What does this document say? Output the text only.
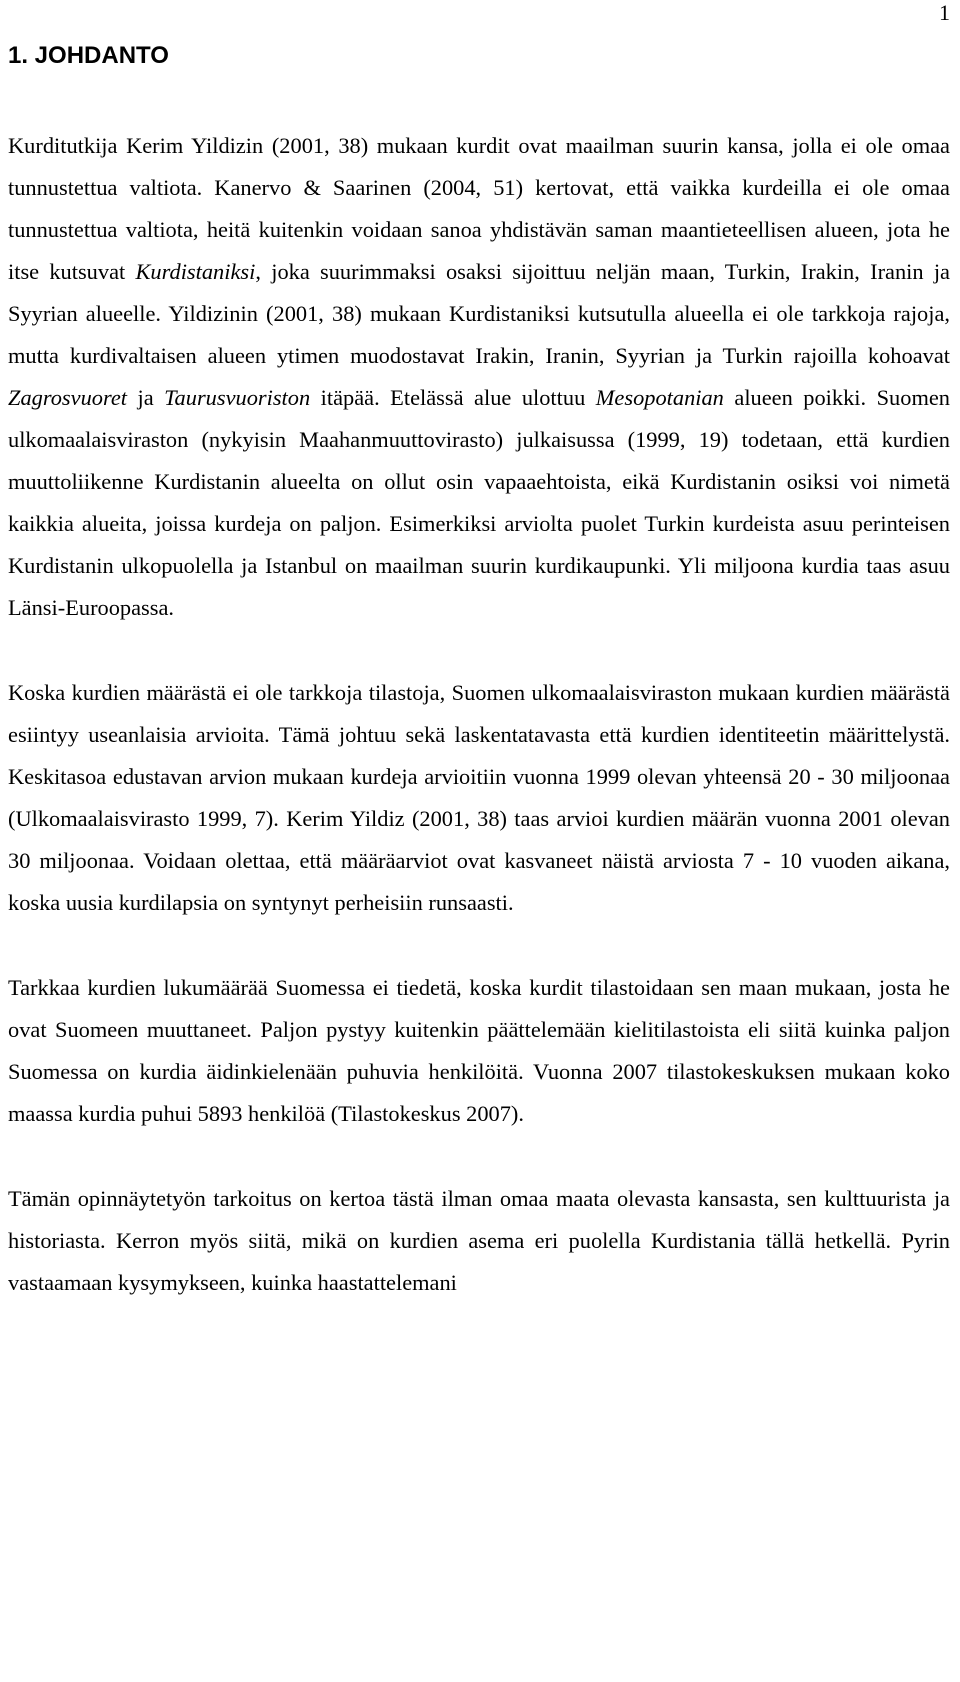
1
1. JOHDANTO

Kurditutkija Kerim Yildizin (2001, 38) mukaan kurdit ovat maailman suurin kansa, jolla ei ole omaa tunnustettua valtiota. Kanervo & Saarinen (2004, 51) kertovat, että vaikka kurdeilla ei ole omaa tunnustettua valtiota, heitä kuitenkin voidaan sanoa yhdistävän saman maantieteellisen alueen, jota he itse kutsuvat Kurdistaniksi, joka suurimmaksi osaksi sijoittuu neljän maan, Turkin, Irakin, Iranin ja Syyrian alueelle. Yildizinin (2001, 38) mukaan Kurdistaniksi kutsutulla alueella ei ole tarkkoja rajoja, mutta kurdivaltaisen alueen ytimen muodostavat Irakin, Iranin, Syyrian ja Turkin rajoilla kohoavat Zagrosvuoret ja Taurusvuoriston itäpää. Etelässä alue ulottuu Mesopotanian alueen poikki. Suomen ulkomaalaisviraston (nykyisin Maahanmuuttovirasto) julkaisussa (1999, 19) todetaan, että kurdien muuttoliikenne Kurdistanin alueelta on ollut osin vapaaehtoista, eikä Kurdistanin osiksi voi nimetä kaikkia alueita, joissa kurdeja on paljon. Esimerkiksi arviolta puolet Turkin kurdeista asuu perinteisen Kurdistanin ulkopuolella ja Istanbul on maailman suurin kurdikaupunki. Yli miljoona kurdia taas asuu Länsi-Euroopassa.

Koska kurdien määrästä ei ole tarkkoja tilastoja, Suomen ulkomaalaisviraston mukaan kurdien määrästä esiintyy useanlaisia arvioita. Tämä johtuu sekä laskentatavasta että kurdien identiteetin määrittelystä. Keskitasoa edustavan arvion mukaan kurdeja arvioitiin vuonna 1999 olevan yhteensä 20 - 30 miljoonaa (Ulkomaalaisvirasto 1999, 7). Kerim Yildiz (2001, 38) taas arvioi kurdien määrän vuonna 2001 olevan 30 miljoonaa. Voidaan olettaa, että määräarviot ovat kasvaneet näistä arviosta 7 - 10 vuoden aikana, koska uusia kurdilapsia on syntynyt perheisiin runsaasti.

Tarkkaa kurdien lukumäärää Suomessa ei tiedetä, koska kurdit tilastoidaan sen maan mukaan, josta he ovat Suomeen muuttaneet. Paljon pystyy kuitenkin päättelemään kielitilastoista eli siitä kuinka paljon Suomessa on kurdia äidinkielenään puhuvia henkilöitä. Vuonna 2007 tilastokeskuksen mukaan koko maassa kurdia puhui 5893 henkilöä (Tilastokeskus 2007).

Tämän opinnäytetyön tarkoitus on kertoa tästä ilman omaa maata olevasta kansasta, sen kulttuurista ja historiasta. Kerron myös siitä, mikä on kurdien asema eri puolella Kurdistania tällä hetkellä. Pyrin vastaamaan kysymykseen, kuinka haastattelemani
